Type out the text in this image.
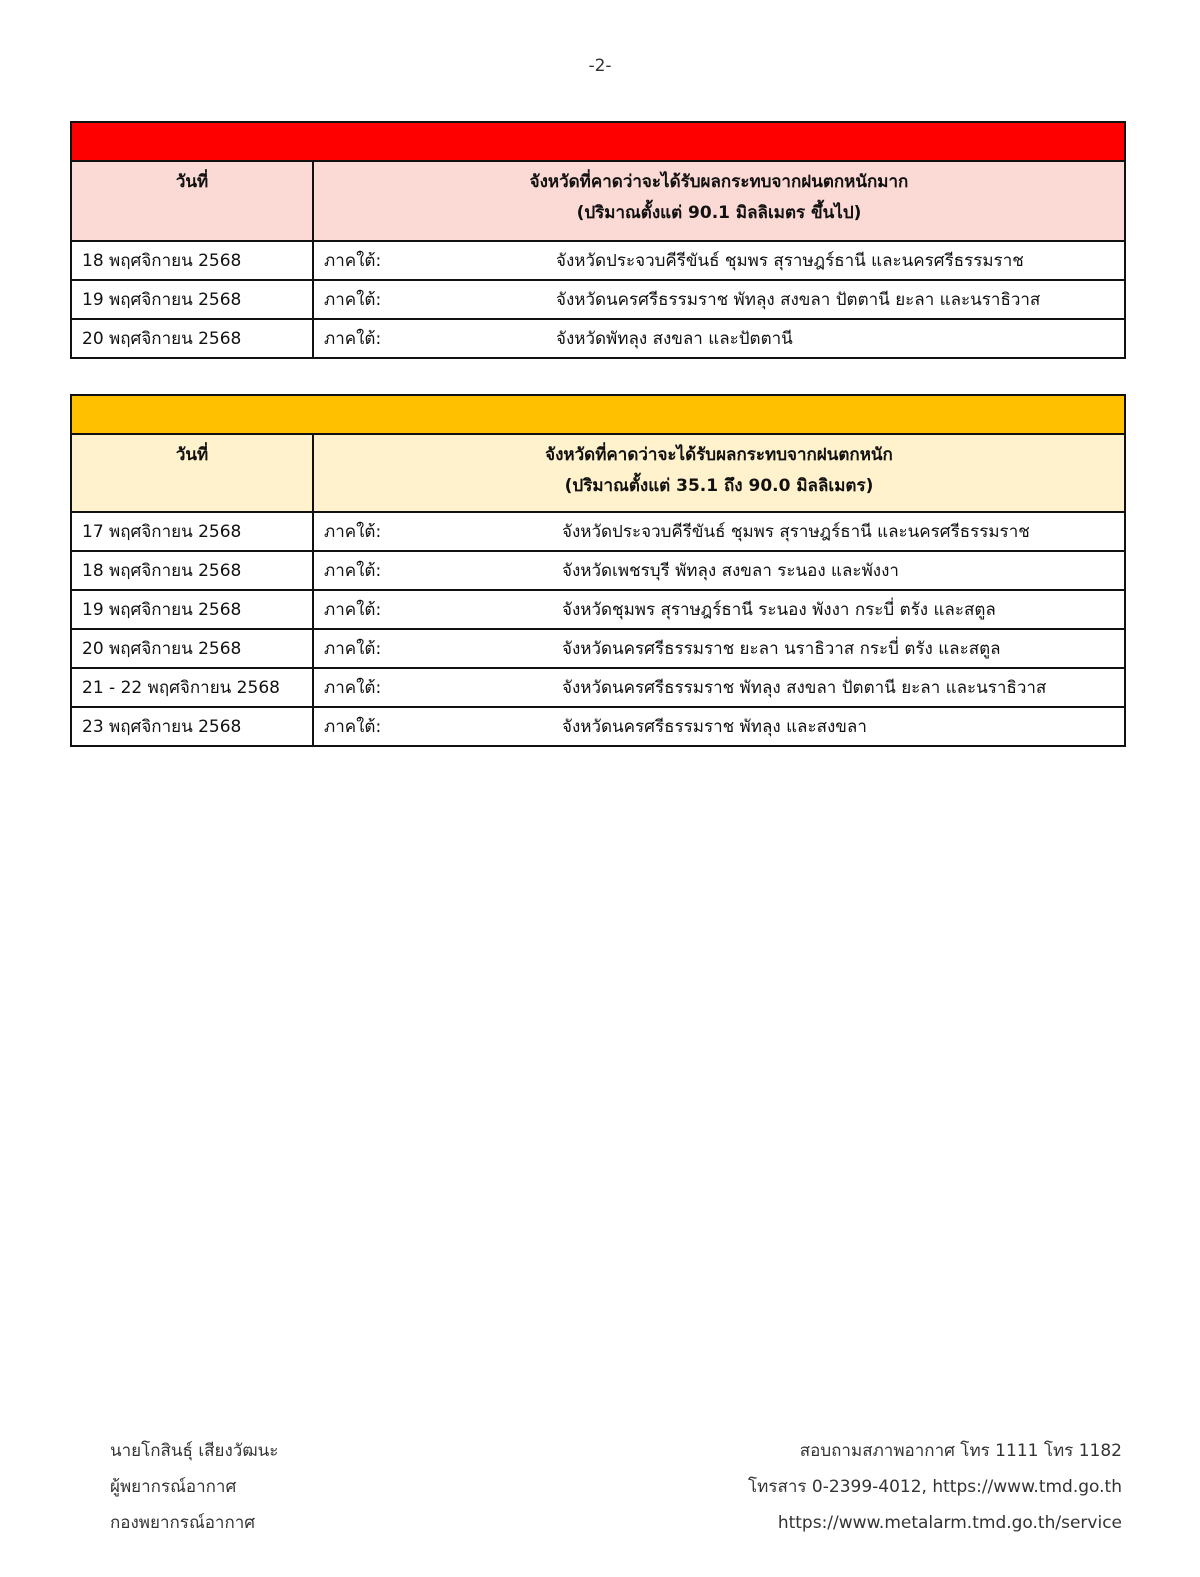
-2-

วันที่	จังหวัดที่คาดว่าจะได้รับผลกระทบจากฝนตกหนักมาก
(ปริมาณตั้งแต่ 90.1 มิลลิเมตร ขึ้นไป)

18 พฤศจิกายน 2568	ภาคใต้: จังหวัดประจวบคีรีขันธ์ ชุมพร สุราษฎร์ธานี และนครศรีธรรมราช
19 พฤศจิกายน 2568	ภาคใต้: จังหวัดนครศรีธรรมราช พัทลุง สงขลา ปัตตานี ยะลา และนราธิวาส
20 พฤศจิกายน 2568	ภาคใต้: จังหวัดพัทลุง สงขลา และปัตตานี

วันที่	จังหวัดที่คาดว่าจะได้รับผลกระทบจากฝนตกหนัก
(ปริมาณตั้งแต่ 35.1 ถึง 90.0 มิลลิเมตร)

17 พฤศจิกายน 2568	ภาคใต้: จังหวัดประจวบคีรีขันธ์ ชุมพร สุราษฎร์ธานี และนครศรีธรรมราช
18 พฤศจิกายน 2568	ภาคใต้: จังหวัดเพชรบุรี พัทลุง สงขลา ระนอง และพังงา
19 พฤศจิกายน 2568	ภาคใต้: จังหวัดชุมพร สุราษฎร์ธานี ระนอง พังงา กระบี่ ตรัง และสตูล
20 พฤศจิกายน 2568	ภาคใต้: จังหวัดนครศรีธรรมราช ยะลา นราธิวาส กระบี่ ตรัง และสตูล
21 - 22 พฤศจิกายน 2568	ภาคใต้: จังหวัดนครศรีธรรมราช พัทลุง สงขลา ปัตตานี ยะลา และนราธิวาส
23 พฤศจิกายน 2568	ภาคใต้: จังหวัดนครศรีธรรมราช พัทลุง และสงขลา
นายโกสินธุ์ เสียงวัฒนะ
ผู้พยากรณ์อากาศ
กองพยากรณ์อากาศ
สอบถามสภาพอากาศ โทร 1111 โทร 1182
โทรสาร 0-2399-4012, https://www.tmd.go.th
https://www.metalarm.tmd.go.th/service
